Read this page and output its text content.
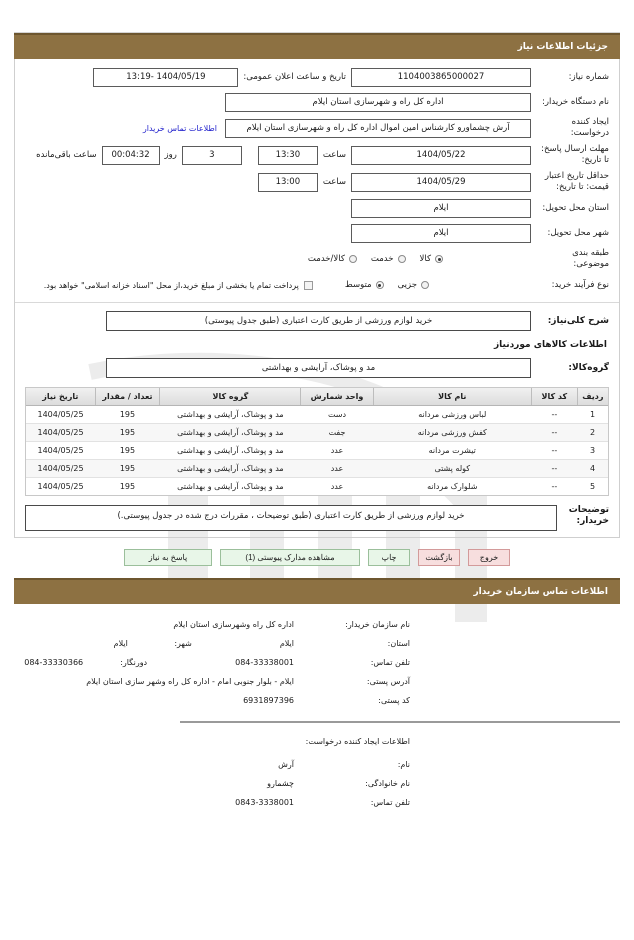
جزئیات اطلاعات نیاز
شماره نیاز:
1104003865000027
تاریخ و ساعت اعلان عمومی:
1404/05/19 -13:19
نام دستگاه خریدار:
اداره کل راه و شهرسازی استان ایلام
ایجاد کننده درخواست:
آرش چشماورو کارشناس امین اموال اداره کل راه و شهرسازی استان ایلام
اطلاعات تماس خریدار
مهلت ارسال پاسخ: تا تاریخ:
1404/05/22
ساعت
13:30
3
روز
00:04:32
ساعت باقی‌مانده
حداقل تاریخ اعتبار قیمت: تا تاریخ:
1404/05/29
ساعت
13:00
استان محل تحویل:
ایلام
شهر محل تحویل:
ایلام
طبقه بندی موضوعی:
کالا
خدمت
کالا/خدمت
نوع فرآیند خرید:
جزیی
متوسط
پرداخت تمام یا بخشی از مبلغ خرید،از محل "اسناد خزانه اسلامی" خواهد بود.
شرح کلی‌نیاز:
خرید لوازم ورزشی از طریق کارت اعتباری (طبق جدول پیوستی)
اطلاعات کالاهای موردنیاز
گروه‌کالا:
مد و پوشاک، آرایشی و بهداشتی
ردیف	کد کالا	نام کالا	واحد شمارش	گروه کالا	تعداد / مقدار	تاریخ نیاز
1	--	لباس ورزشی مردانه	دست	مد و پوشاک، آرایشی و بهداشتی	195	1404/05/25
2	--	کفش ورزشی مردانه	جفت	مد و پوشاک، آرایشی و بهداشتی	195	1404/05/25
3	--	تیشرت مردانه	عدد	مد و پوشاک، آرایشی و بهداشتی	195	1404/05/25
4	--	کوله پشتی	عدد	مد و پوشاک، آرایشی و بهداشتی	195	1404/05/25
5	--	شلوارک مردانه	عدد	مد و پوشاک، آرایشی و بهداشتی	195	1404/05/25
توضیحات خریدار:
خرید لوازم ورزشی از طریق کارت اعتباری (طبق توضیحات ، مقررات درج شده در جدول پیوستی.)
خروج
بازگشت
چاپ
مشاهده مدارک پیوستی (1)
پاسخ به نیاز
اطلاعات تماس سازمان خریدار
نام سازمان خریدار:
اداره کل راه وشهرسازی استان ایلام
استان:
ایلام
شهر:
ایلام
تلفن تماس:
084-33338001
دورنگار:
084-33330366
آدرس پستی:
ایلام - بلوار جنوبی امام - اداره کل راه وشهر سازی استان ایلام
کد پستی:
6931897396
اطلاعات ایجاد کننده درخواست:
نام:
آرش
نام خانوادگی:
چشمارو
تلفن تماس:
0843-3338001
